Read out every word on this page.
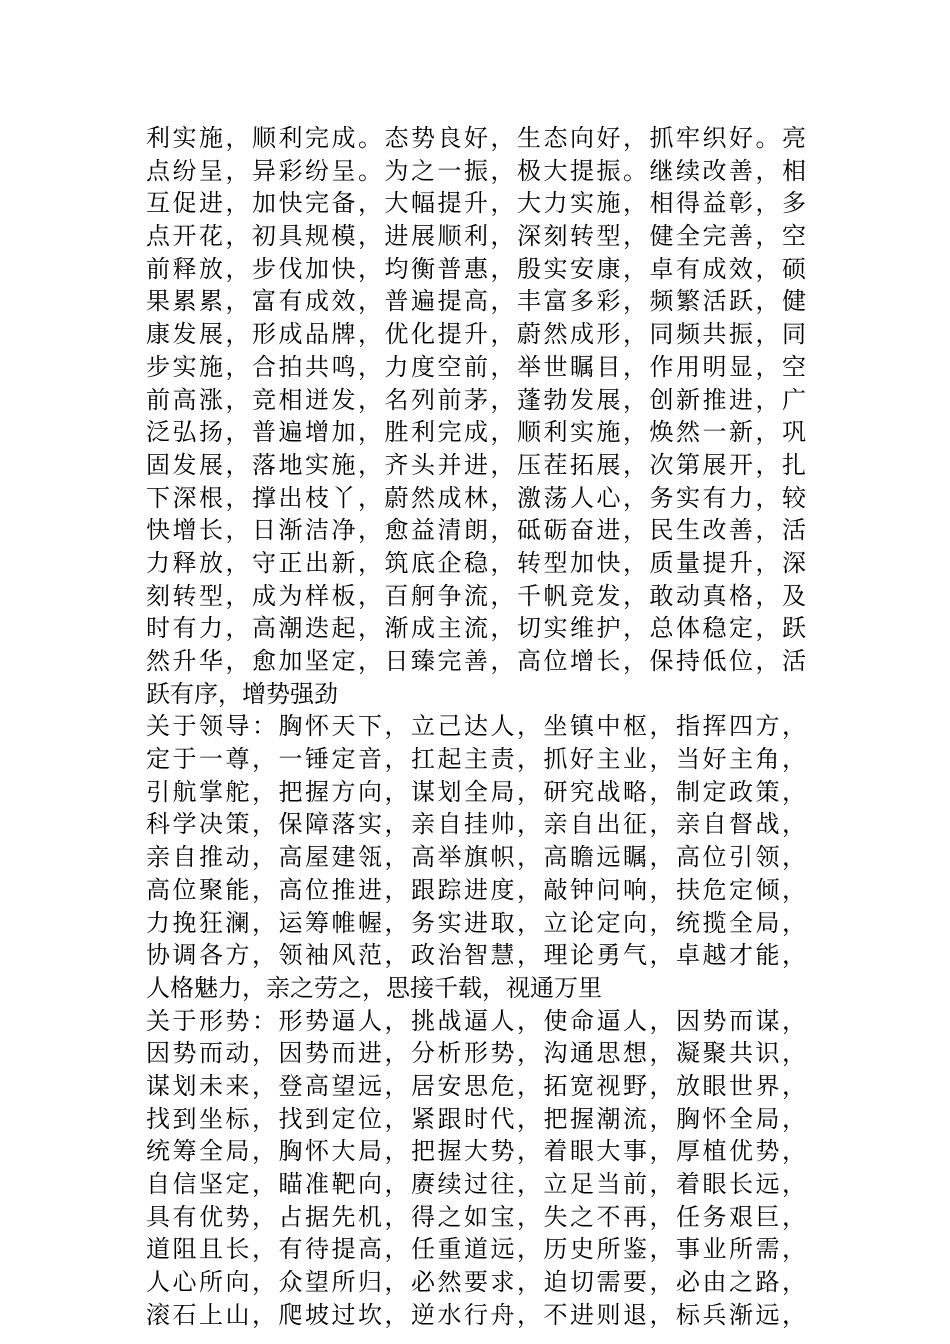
利实施，顺利完成。态势良好，生态向好，抓牢织好。亮
点纷呈，异彩纷呈。为之一振，极大提振。继续改善，相
互促进，加快完备，大幅提升，大力实施，相得益彰，多
点开花，初具规模，进展顺利，深刻转型，健全完善，空
前释放，步伐加快，均衡普惠，殷实安康，卓有成效，硕
果累累，富有成效，普遍提高，丰富多彩，频繁活跃，健
康发展，形成品牌，优化提升，蔚然成形，同频共振，同
步实施，合拍共鸣，力度空前，举世瞩目，作用明显，空
前高涨，竞相迸发，名列前茅，蓬勃发展，创新推进，广
泛弘扬，普遍增加，胜利完成，顺利实施，焕然一新，巩
固发展，落地实施，齐头并进，压茬拓展，次第展开，扎
下深根，撑出枝丫，蔚然成林，激荡人心，务实有力，较
快增长，日渐洁净，愈益清朗，砥砺奋进，民生改善，活
力释放，守正出新，筑底企稳，转型加快，质量提升，深
刻转型，成为样板，百舸争流，千帆竞发，敢动真格，及
时有力，高潮迭起，渐成主流，切实维护，总体稳定，跃
然升华，愈加坚定，日臻完善，高位增长，保持低位，活
跃有序，增势强劲
关于领导：胸怀天下，立己达人，坐镇中枢，指挥四方，
定于一尊，一锤定音，扛起主责，抓好主业，当好主角，
引航掌舵，把握方向，谋划全局，研究战略，制定政策，
科学决策，保障落实，亲自挂帅，亲自出征，亲自督战，
亲自推动，高屋建瓴，高举旗帜，高瞻远瞩，高位引领，
高位聚能，高位推进，跟踪进度，敲钟问响，扶危定倾，
力挽狂澜，运筹帷幄，务实进取，立论定向，统揽全局，
协调各方，领袖风范，政治智慧，理论勇气，卓越才能，
人格魅力，亲之劳之，思接千载，视通万里
关于形势：形势逼人，挑战逼人，使命逼人，因势而谋，
因势而动，因势而进，分析形势，沟通思想，凝聚共识，
谋划未来，登高望远，居安思危，拓宽视野，放眼世界，
找到坐标，找到定位，紧跟时代，把握潮流，胸怀全局，
统筹全局，胸怀大局，把握大势，着眼大事，厚植优势，
自信坚定，瞄准靶向，赓续过往，立足当前，着眼长远，
具有优势，占据先机，得之如宝，失之不再，任务艰巨，
道阻且长，有待提高，任重道远，历史所鉴，事业所需，
人心所向，众望所归，必然要求，迫切需要，必由之路，
滚石上山，爬坡过坎，逆水行舟，不进则退，标兵渐远，
